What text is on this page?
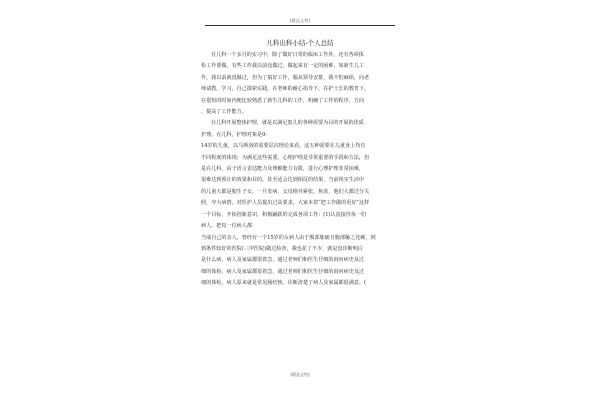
[精品文档]
儿科出科小结-个人总结
在儿科一个多月的实习中，除了做好日常的临床工作外，还有各项体
检工作要做，有些工作我以前没做过，做起来有一定的困难，如新生儿工
作，我以前就没做过，但为了搞好工作，服从领导安排，我不怕麻烦，向老
师请教，学习，自己摸索实践，在老师的耐心指导下，在护士长的教育下，
在很短的时间内便比较熟悉了新生儿科的工作，明确了工作的程序，方向
，提高了工作能力。
在儿科开展整体护理，就是以满足患儿的各种需要为目的开展的优质
护理。在儿科，护理对象是0-
14岁的儿童，以马斯洛的需要层次理论来看，这五种需要在儿童身上均有
不同程度的体现；为满足这些需要，心理护理是非常重要的手段和方法，但
是在儿科，由于语言表达能力及理解能力有限，进行心理护理非常困难，
很难达到预计的效果和目的，甚至适会达到相反的结果，当前现实生活中
的儿童大都是独生子女，一旦发病，父母格外紧张，焦虑，他们大都过分关
照，夸大病情，对医护人员提出过高要求，大家本着“把工作做的更好”这样
一个目标，开拓创新意识，积极踊跃的完成各项工作：(1)认真接待每一们
病人，把每一位病人都
当成自己的亲人，曾经有一个15岁的女病人由于腹部胀痛且腹部触之比硬，到
到条件较好的医院(三甲医院)做过检查，我也花了不少，就是没诊断明白
是什么病，病人及家属都很着急，通过老师们和医生仔细的询问病史及过
细的体检，病人及家属都很着急，通过老师们和医生仔细的询问病史及过
细的体检，病人原来就是常见肠结核，诊断清楚了病人及家属都很满意。(
[精品文档]
